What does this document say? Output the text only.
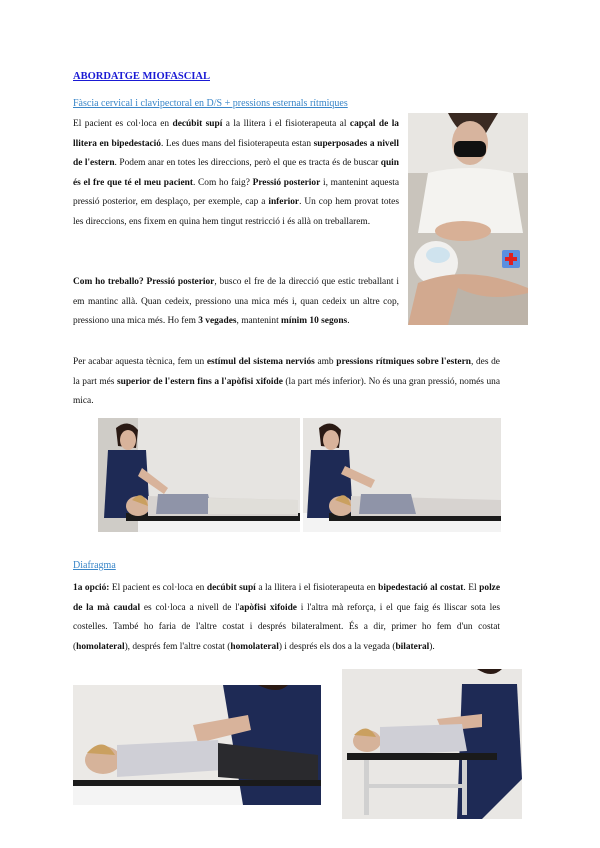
ABORDATGE MIOFASCIAL
Fàscia cervical i clavipectoral en D/S + pressions esternals rítmiques
El pacient es col·loca en decúbit supí a la llitera i el fisioterapeuta al capçal de la llitera en bipedestació. Les dues mans del fisioterapeuta estan superposades a nivell de l'estern. Podem anar en totes les direccions, però el que es tracta és de buscar quin és el fre que té el meu pacient. Com ho faig? Pressió posterior i, mantenint aquesta pressió posterior, em desplaço, per exemple, cap a inferior. Un cop hem provat totes les direccions, ens fixem en quina hem tingut restricció i és allà on treballarem.
Com ho treballo? Pressió posterior, busco el fre de la direcció que estic treballant i em mantinc allà. Quan cedeix, pressiono una mica més i, quan cedeix un altre cop, pressiono una mica més. Ho fem 3 vegades, mantenint mínim 10 segons.
Per acabar aquesta tècnica, fem un estímul del sistema nerviós amb pressions rítmiques sobre l'estern, des de la part més superior de l'estern fins a l'apòfisi xifoide (la part més inferior). No és una gran pressió, només una mica.
Diafragma
1a opció: El pacient es col·loca en decúbit supí a la llitera i el fisioterapeuta en bipedestació al costat. El polze de la mà caudal es col·loca a nivell de l'apòfisi xifoide i l'altra mà reforça, i el que faig és lliscar sota les costelles. També ho faria de l'altre costat i després bilateralment. És a dir, primer ho fem d'un costat (homolateral), després fem l'altre costat (homolateral) i després els dos a la vegada (bilateral).
